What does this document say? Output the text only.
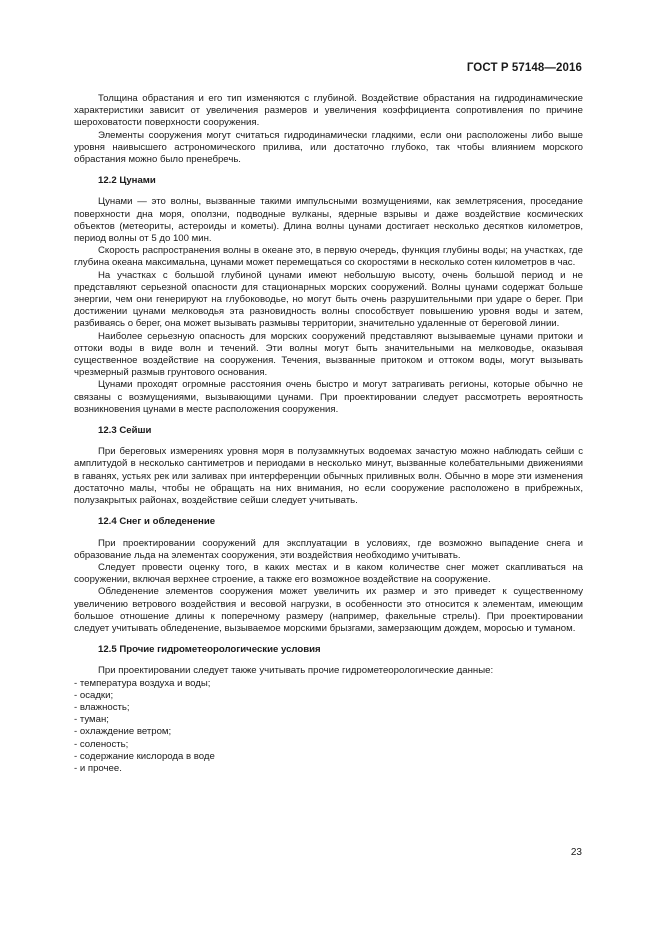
ГОСТ Р 57148—2016

Толщина обрастания и его тип изменяются с глубиной. Воздействие обрастания на гидродинамические характеристики зависит от увеличения размеров и увеличения коэффициента сопротивления по причине шероховатости поверхности сооружения.

Элементы сооружения могут считаться гидродинамически гладкими, если они расположены либо выше уровня наивысшего астрономического прилива, или достаточно глубоко, так чтобы влиянием морского обрастания можно было пренебречь.

12.2 Цунами

Цунами — это волны, вызванные такими импульсными возмущениями, как землетрясения, проседание поверхности дна моря, оползни, подводные вулканы, ядерные взрывы и даже воздействие космических объектов (метеориты, астероиды и кометы). Длина волны цунами достигает несколько десятков километров, период волны от 5 до 100 мин.

Скорость распространения волны в океане это, в первую очередь, функция глубины воды; на участках, где глубина океана максимальна, цунами может перемещаться со скоростями в несколько сотен километров в час.

На участках с большой глубиной цунами имеют небольшую высоту, очень большой период и не представляют серьезной опасности для стационарных морских сооружений. Волны цунами содержат больше энергии, чем они генерируют на глубоководье, но могут быть очень разрушительными при ударе о берег. При достижении цунами мелководья эта разновидность волны способствует повышению уровня воды и затем, разбиваясь о берег, она может вызывать размывы территории, значительно удаленные от береговой линии.

Наиболее серьезную опасность для морских сооружений представляют вызываемые цунами притоки и оттоки воды в виде волн и течений. Эти волны могут быть значительными на мелководье, оказывая существенное воздействие на сооружения. Течения, вызванные притоком и оттоком воды, могут вызывать чрезмерный размыв грунтового основания.

Цунами проходят огромные расстояния очень быстро и могут затрагивать регионы, которые обычно не связаны с возмущениями, вызывающими цунами. При проектировании следует рассмотреть вероятность возникновения цунами в месте расположения сооружения.

12.3 Сейши

При береговых измерениях уровня моря в полузамкнутых водоемах зачастую можно наблюдать сейши с амплитудой в несколько сантиметров и периодами в несколько минут, вызванные колебательными движениями в гаванях, устьях рек или заливах при интерференции обычных приливных волн. Обычно в море эти изменения достаточно малы, чтобы не обращать на них внимания, но если сооружение расположено в прибрежных, полузакрытых районах, воздействие сейши следует учитывать.

12.4 Снег и обледенение

При проектировании сооружений для эксплуатации в условиях, где возможно выпадение снега и образование льда на элементах сооружения, эти воздействия необходимо учитывать.

Следует провести оценку того, в каких местах и в каком количестве снег может скапливаться на сооружении, включая верхнее строение, а также его возможное воздействие на сооружение.

Обледенение элементов сооружения может увеличить их размер и это приведет к существенному увеличению ветрового воздействия и весовой нагрузки, в особенности это относится к элементам, имеющим большое отношение длины к поперечному размеру (например, факельные стрелы). При проектировании следует учитывать обледенение, вызываемое морскими брызгами, замерзающим дождем, моросью и туманом.

12.5 Прочие гидрометеорологические условия

При проектировании следует также учитывать прочие гидрометеорологические данные:

- температура воздуха и воды;
- осадки;
- влажность;
- туман;
- охлаждение ветром;
- соленость;
- содержание кислорода в воде
- и прочее.
23
